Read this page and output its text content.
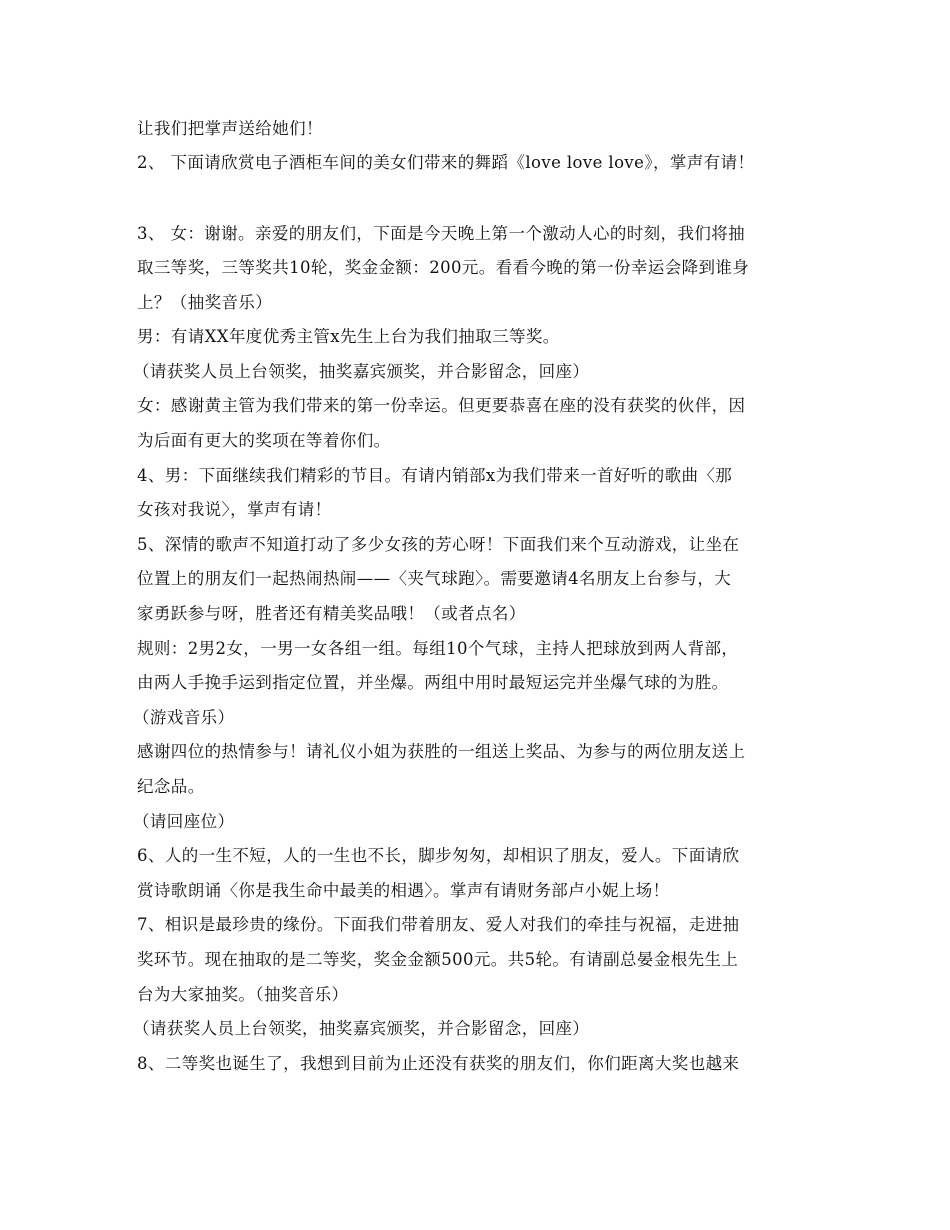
让我们把掌声送给她们！
2、 下面请欣赏电子酒柜车间的美女们带来的舞蹈《love love love》，掌声有请！
3、 女：谢谢。亲爱的朋友们，下面是今天晚上第一个激动人心的时刻，我们将抽
取三等奖，三等奖共10轮，奖金金额：200元。看看今晚的第一份幸运会降到谁身
上？（抽奖音乐）
男：有请XX年度优秀主管x先生上台为我们抽取三等奖。
（请获奖人员上台领奖，抽奖嘉宾颁奖，并合影留念，回座）
女：感谢黄主管为我们带来的第一份幸运。但更要恭喜在座的没有获奖的伙伴，因
为后面有更大的奖项在等着你们。
4、男：下面继续我们精彩的节目。有请内销部x为我们带来一首好听的歌曲〈那
女孩对我说〉，掌声有请！
5、深情的歌声不知道打动了多少女孩的芳心呀！下面我们来个互动游戏，让坐在
位置上的朋友们一起热闹热闹——〈夹气球跑〉。需要邀请4名朋友上台参与，大
家勇跃参与呀，胜者还有精美奖品哦！（或者点名）
规则：2男2女，一男一女各组一组。每组10个气球，主持人把球放到两人背部，
由两人手挽手运到指定位置，并坐爆。两组中用时最短运完并坐爆气球的为胜。
（游戏音乐）
感谢四位的热情参与！请礼仪小姐为获胜的一组送上奖品、为参与的两位朋友送上
纪念品。
（请回座位）
6、人的一生不短，人的一生也不长，脚步匆匆，却相识了朋友，爱人。下面请欣
赏诗歌朗诵〈你是我生命中最美的相遇〉。掌声有请财务部卢小妮上场！
7、相识是最珍贵的缘份。下面我们带着朋友、爱人对我们的牵挂与祝福，走进抽
奖环节。现在抽取的是二等奖，奖金金额500元。共5轮。有请副总晏金根先生上
台为大家抽奖。（抽奖音乐）
（请获奖人员上台领奖，抽奖嘉宾颁奖，并合影留念，回座）
8、二等奖也诞生了，我想到目前为止还没有获奖的朋友们，你们距离大奖也越来
